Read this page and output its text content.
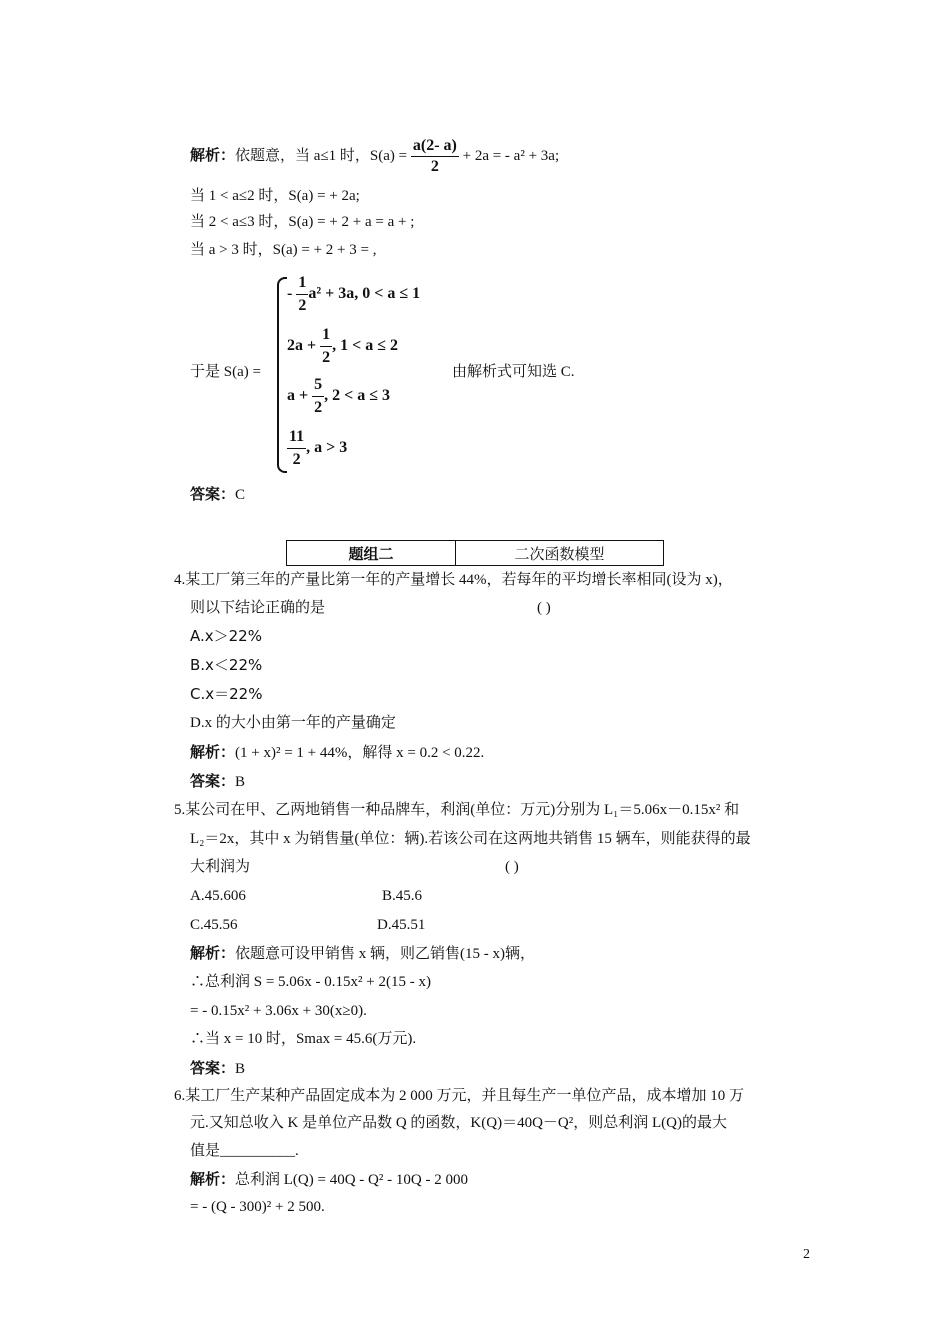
解析：依题意，当 a≤1 时，$S(a) = \frac{a(2- a)}{2} + 2a$ = - a² + 3a;
当 1 < a≤2 时，S(a) = + 2a;
当 2 < a≤3 时，S(a) = + 2 + a = a + ;
当 a > 3 时，S(a) = + 2 + 3 = ,
于是 S(a) =
- $\frac{1}{2} a^2 + 3a$, 0 < a ≤ 1
$2a + \frac{1}{2}$ , 1 < a ≤ 2
$a + \frac{5}{2}$ , 2 < a ≤ 3
$\frac{11}{2}$ , a > 3
由解析式可知选 C.
答案：C
题组二	二次函数模型
4.某工厂第三年的产量比第一年的产量增长 44%，若每年的平均增长率相同(设为 x)，
则以下结论正确的是	( )
A.x＞22%
B.x＜22%
C.x＝22%
D.x 的大小由第一年的产量确定
解析：(1 + x)² = 1 + 44%，解得 x = 0.2 < 0.22.
答案：B
5.某公司在甲、乙两地销售一种品牌车，利润(单位：万元)分别为 L₁＝5.06x－0.15x² 和
L₂＝2x，其中 x 为销售量(单位：辆).若该公司在这两地共销售 15 辆车，则能获得的最
大利润为	( )
A.45.606	B.45.6
C.45.56	D.45.51
解析：依题意可设甲销售 x 辆，则乙销售(15 - x)辆，
∴总利润 S = 5.06x - 0.15x² + 2(15 - x)
= - 0.15x² + 3.06x + 30(x≥0).
∴当 x = 10 时，Smax = 45.6(万元).
答案：B
6.某工厂生产某种产品固定成本为 2 000 万元，并且每生产一单位产品，成本增加 10 万
元.又知总收入 K 是单位产品数 Q 的函数，K(Q)＝40Q－Q²，则总利润 L(Q)的最大
值是__________.
解析：总利润 L(Q) = 40Q - Q² - 10Q - 2 000
= - (Q - 300)² + 2 500.
2
